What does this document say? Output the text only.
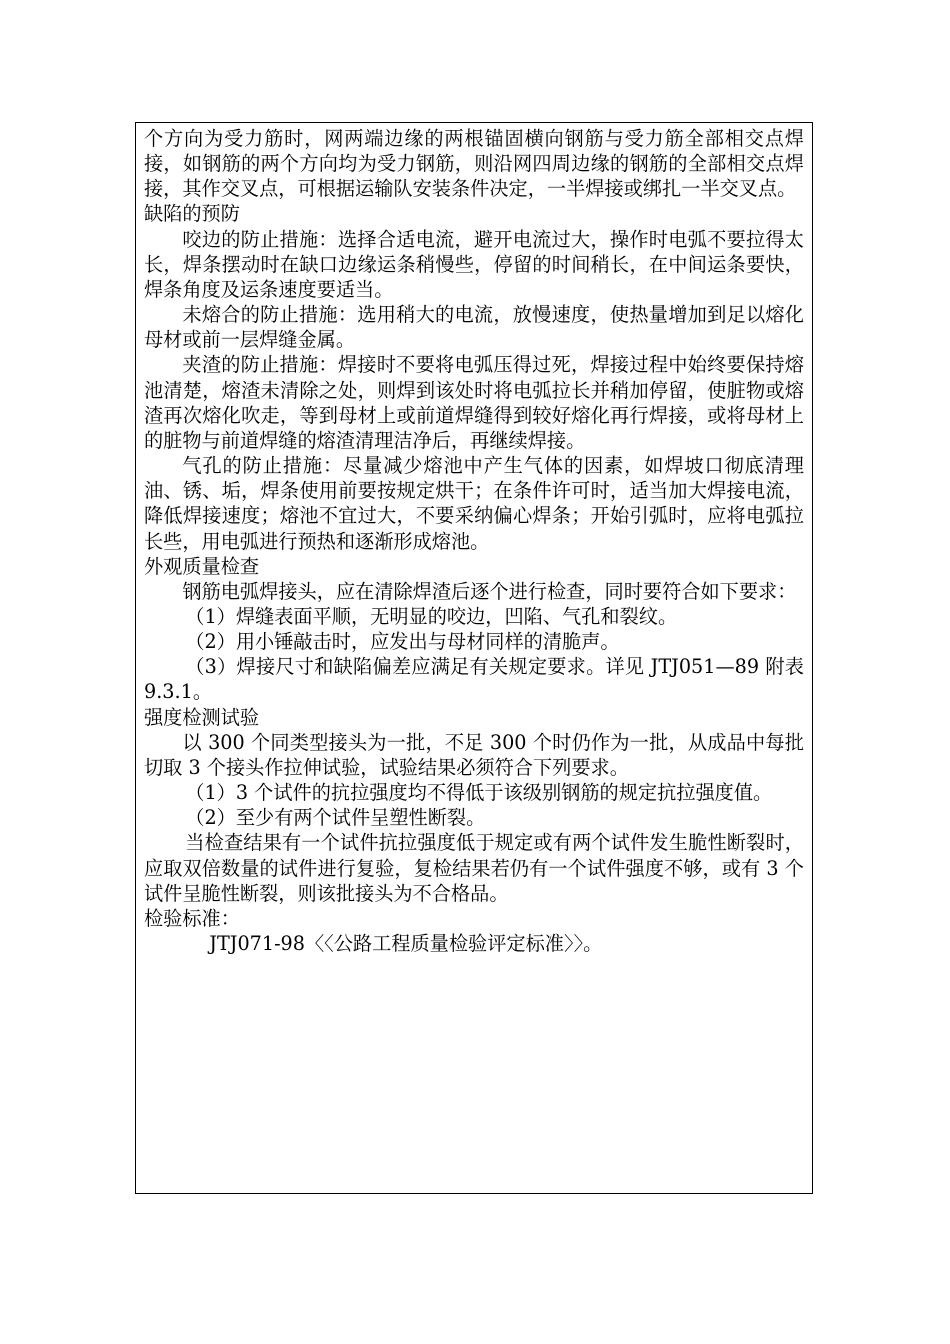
个方向为受力筋时，网两端边缘的两根锚固横向钢筋与受力筋全部相交点焊接，如钢筋的两个方向均为受力钢筋，则沿网四周边缘的钢筋的全部相交点焊接，其作交叉点，可根据运输队安装条件决定，一半焊接或绑扎一半交叉点。

缺陷的预防

咬边的防止措施：选择合适电流，避开电流过大，操作时电弧不要拉得太长，焊条摆动时在缺口边缘运条稍慢些，停留的时间稍长，在中间运条要快，焊条角度及运条速度要适当。

未熔合的防止措施：选用稍大的电流，放慢速度，使热量增加到足以熔化母材或前一层焊缝金属。

夹渣的防止措施：焊接时不要将电弧压得过死，焊接过程中始终要保持熔池清楚，熔渣未清除之处，则焊到该处时将电弧拉长并稍加停留，使脏物或熔渣再次熔化吹走，等到母材上或前道焊缝得到较好熔化再行焊接，或将母材上的脏物与前道焊缝的熔渣清理洁净后，再继续焊接。

气孔的防止措施：尽量减少熔池中产生气体的因素，如焊坡口彻底清理油、锈、垢，焊条使用前要按规定烘干；在条件许可时，适当加大焊接电流，降低焊接速度；熔池不宜过大，不要采纳偏心焊条；开始引弧时，应将电弧拉长些，用电弧进行预热和逐渐形成熔池。

外观质量检查

钢筋电弧焊接头，应在清除焊渣后逐个进行检查，同时要符合如下要求：

（1）焊缝表面平顺，无明显的咬边，凹陷、气孔和裂纹。

（2）用小锤敲击时，应发出与母材同样的清脆声。

（3）焊接尺寸和缺陷偏差应满足有关规定要求。详见 JTJ051—89 附表 9.3.1。

强度检测试验

以 300 个同类型接头为一批，不足 300 个时仍作为一批，从成品中每批切取 3 个接头作拉伸试验，试验结果必须符合下列要求。

（1）3 个试件的抗拉强度均不得低于该级别钢筋的规定抗拉强度值。

（2）至少有两个试件呈塑性断裂。

当检查结果有一个试件抗拉强度低于规定或有两个试件发生脆性断裂时，应取双倍数量的试件进行复验，复检结果若仍有一个试件强度不够，或有 3 个试件呈脆性断裂，则该批接头为不合格品。

检验标准：

JTJ071-98〈〈公路工程质量检验评定标准〉〉。
